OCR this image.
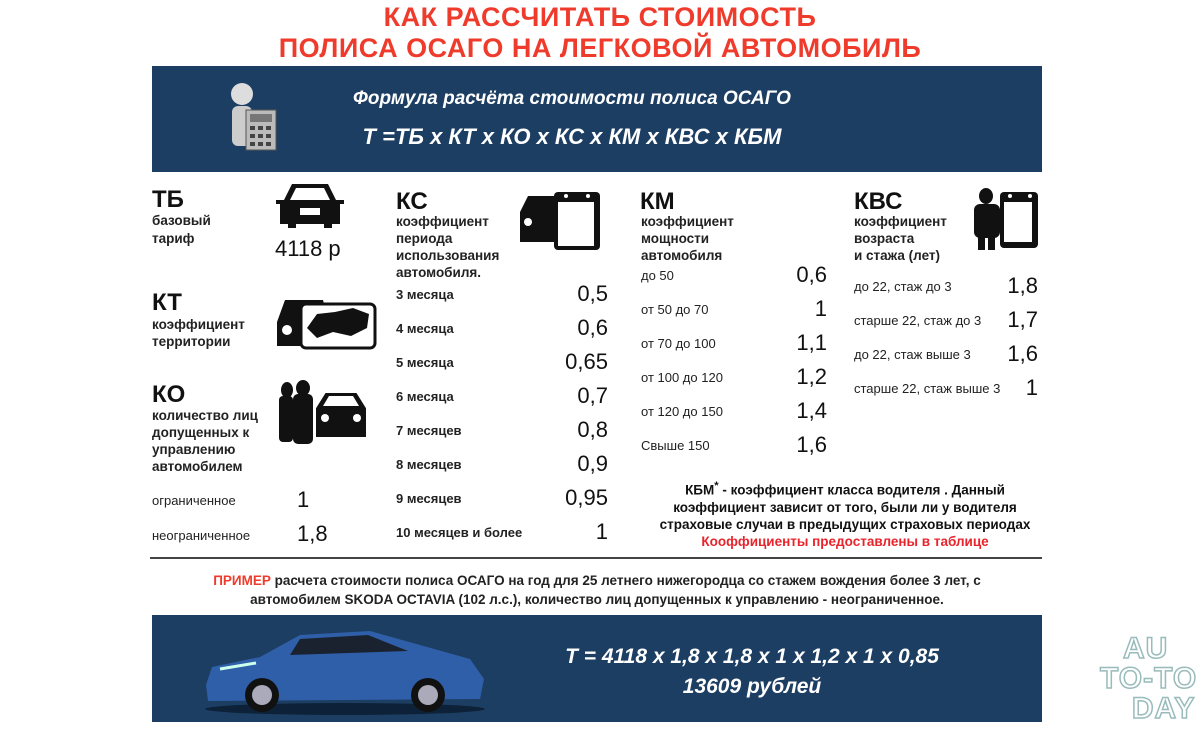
КАК РАССЧИТАТЬ СТОИМОСТЬ
ПОЛИСА ОСАГО НА ЛЕГКОВОЙ АВТОМОБИЛЬ
Формула расчёта стоимости полиса ОСАГО
Т =ТБ х КТ х КО х КС х КМ х КВС х КБМ
ТБ
базовый
тариф	4118 р
КТ
коэффициент
территории
КО
количество лиц
допущенных к
управлению
автомобилем
ограниченное	1
неограниченное 1,8
КС
коэффициент
периода
использования
автомобиля.
3 месяца	0,5
4 месяца	0,6
5 месяца	0,65
6 месяца	0,7
7 месяцев	0,8
8 месяцев	0,9
9 месяцев	0,95
10 месяцев и более	1
КМ
коэффициент
мощности
автомобиля
до 50	0,6
от 50 до 70	1
от 70 до 100	1,1
от 100 до 120	1,2
от 120 до 150	1,4
Свыше 150	1,6
КВС
коэффициент
возраста
и стажа (лет)
до 22, стаж до 3	1,8
старше 22, стаж до 3 1,7
до 22, стаж выше 3 1,6
старше 22, стаж выше 3 1
КБМ* - коэффициент класса водителя . Данный
коэффициент зависит от того, были ли у водителя
страховые случаи в предыдущих страховых периодах
Кооффициенты предоставлены в таблице
ПРИМЕР расчета стоимости полиса ОСАГО на год для 25 летнего нижегородца со стажем вождения более 3 лет, с
автомобилем SKODA OCTAVIA (102 л.с.), количество лиц допущенных к управлению - неограниченное.
Т = 4118 х 1,8 х 1,8 х 1 х 1,2 х 1 х 0,85
13609 рублей
AU
TO-TO
DAY
